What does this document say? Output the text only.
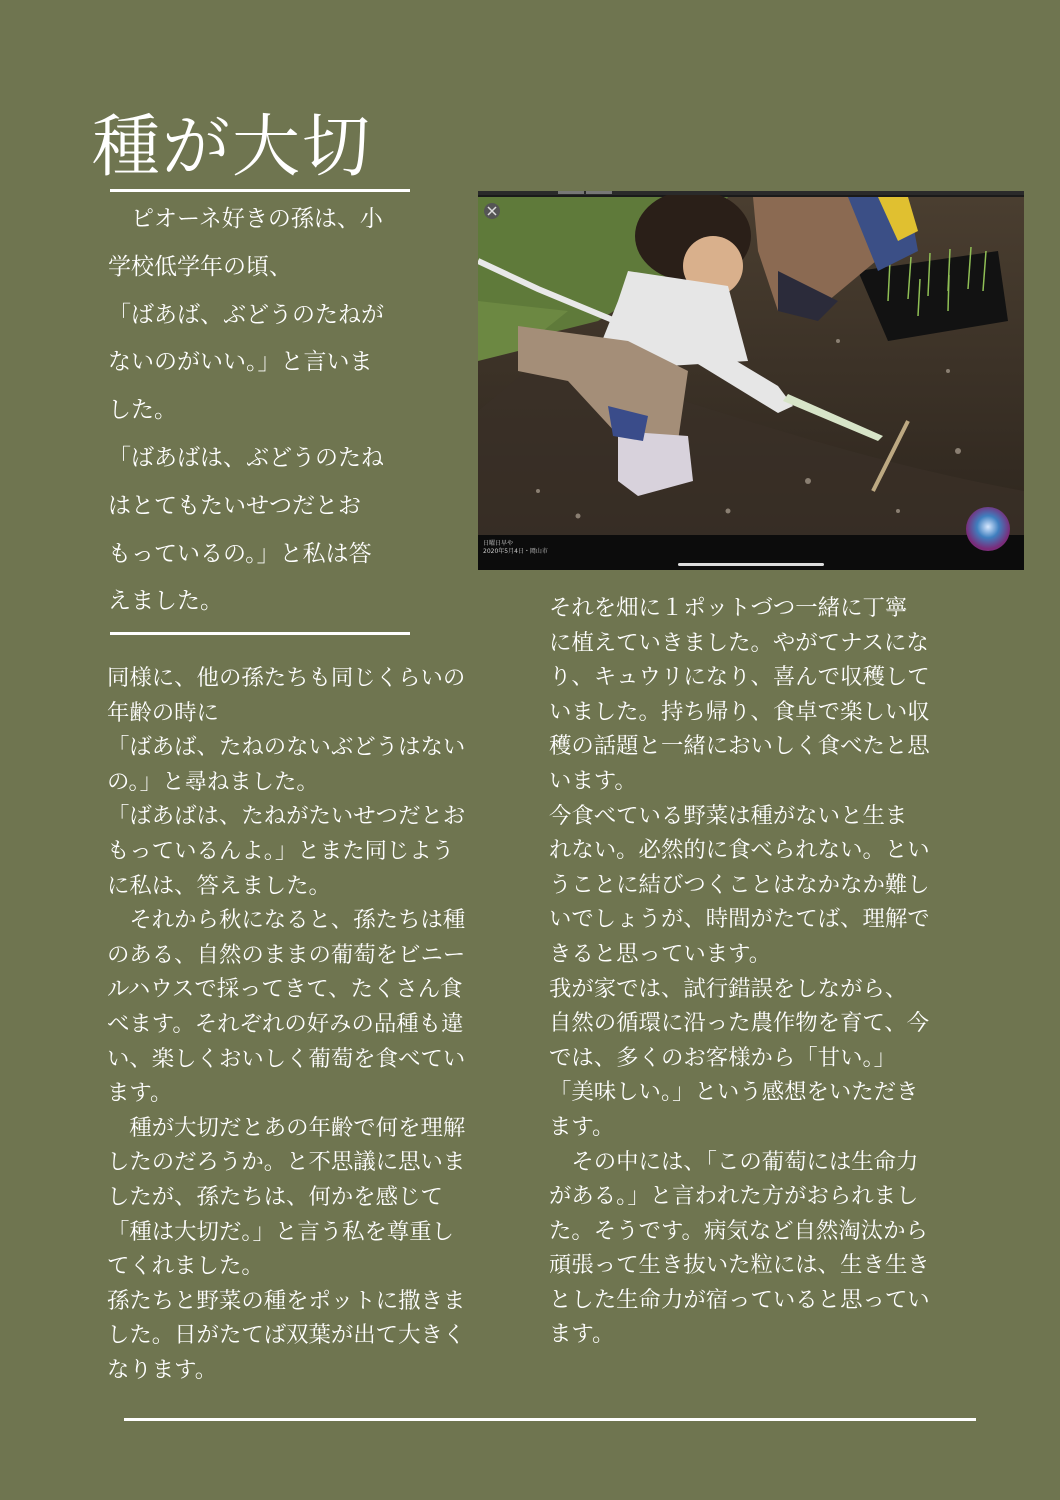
種が大切

　ピオーネ好きの孫は、小
学校低学年の頃、

「ばあば、ぶどうのたねが
ないのがいい。」と言いま
した。

「ばあばは、ぶどうのたね
はとてもたいせつだとお
もっているの。」と私は答
えました。

日曜日早や
2020年5月4日・岡山市

同様に、他の孫たちも同じくらいの
年齢の時に

「ばあば、たねのないぶどうはない
の。」と尋ねました。

「ばあばは、たねがたいせつだとお
もっているんよ。」とまた同じよう
に私は、答えました。

　それから秋になると、孫たちは種
のある、自然のままの葡萄をビニー
ルハウスで採ってきて、たくさん食
べます。それぞれの好みの品種も違
い、楽しくおいしく葡萄を食べてい
ます。

　種が大切だとあの年齢で何を理解
したのだろうか。と不思議に思いま
したが、孫たちは、何かを感じて
「種は大切だ。」と言う私を尊重し
てくれました。

孫たちと野菜の種をポットに撒きま
した。日がたてば双葉が出て大きく
なります。

それを畑に１ポットづつ一緒に丁寧
に植えていきました。やがてナスにな
り、キュウリになり、喜んで収穫して
いました。持ち帰り、食卓で楽しい収
穫の話題と一緒においしく食べたと思
います。

今食べている野菜は種がないと生ま
れない。必然的に食べられない。とい
うことに結びつくことはなかなか難し
いでしょうが、時間がたてば、理解で
きると思っています。

我が家では、試行錯誤をしながら、
自然の循環に沿った農作物を育て、今
では、多くのお客様から「甘い。」
「美味しい。」という感想をいただき
ます。

　その中には、「この葡萄には生命力
がある。」と言われた方がおられまし
た。そうです。病気など自然淘汰から
頑張って生き抜いた粒には、生き生き
とした生命力が宿っていると思ってい
ます。
